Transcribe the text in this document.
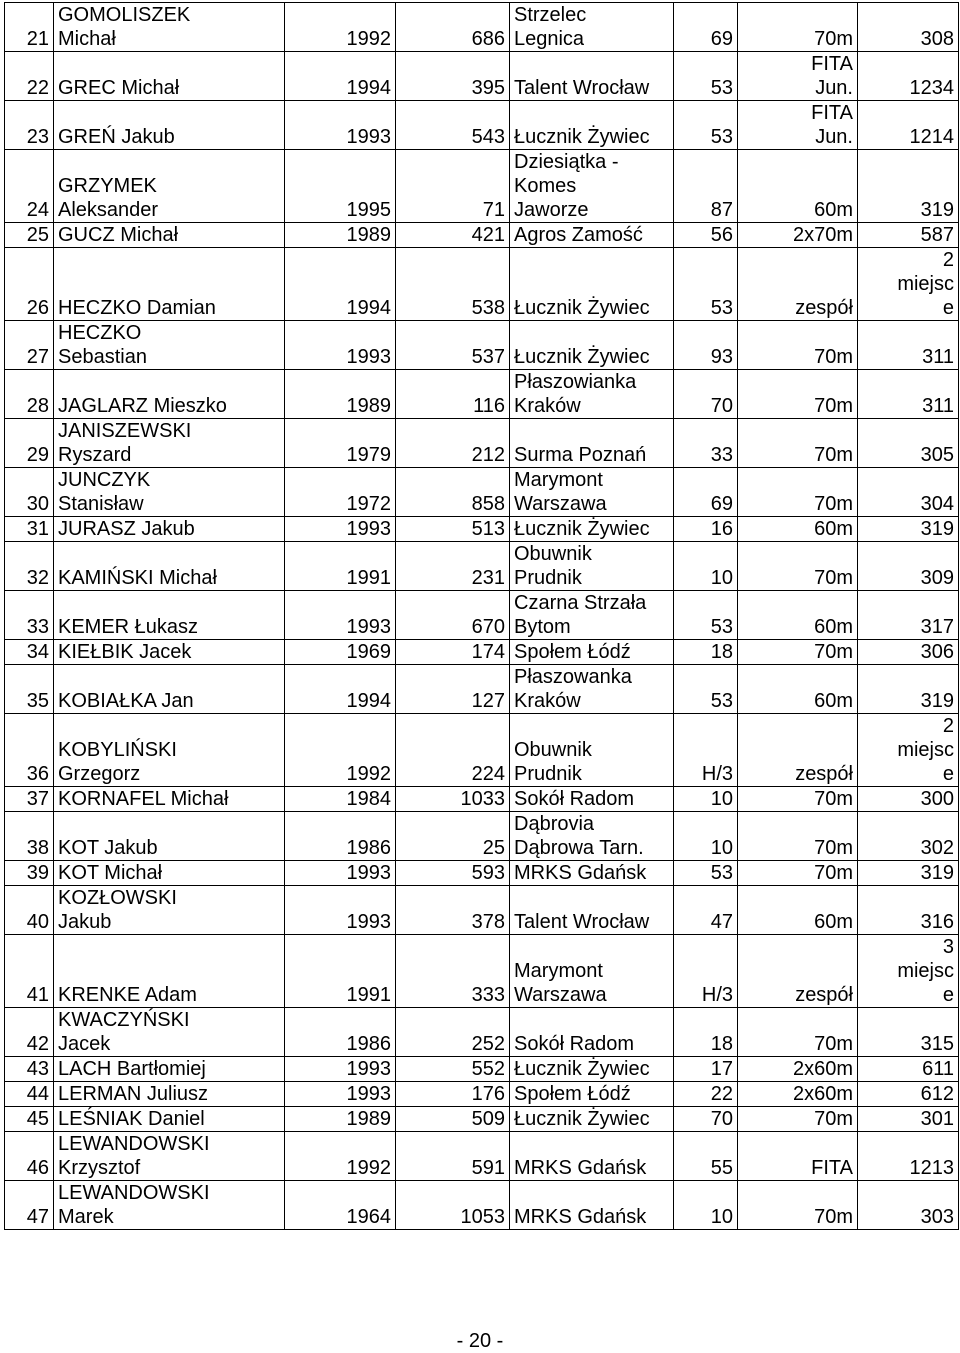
21	GOMOLISZEK
Michał	1992	686	Strzelec
Legnica	69	70m	308

22	GREC Michał	1994	395	Talent Wrocław	53	FITA
Jun.	1234

23	GREŃ Jakub	1993	543	Łucznik Żywiec	53	FITA
Jun.	1214

24	GRZYMEK
Aleksander	1995	71	Dziesiątka -
Komes
Jaworze	87	60m	319

25	GUCZ Michał	1989	421	Agros Zamość	56	2x70m	587

26	HECZKO Damian	1994	538	Łucznik Żywiec	53	zespół	2
miejsc
e

27	HECZKO
Sebastian	1993	537	Łucznik Żywiec	93	70m	311

28	JAGLARZ Mieszko	1989	116	Płaszowianka
Kraków	70	70m	311

29	JANISZEWSKI
Ryszard	1979	212	Surma Poznań	33	70m	305

30	JUNCZYK
Stanisław	1972	858	Marymont
Warszawa	69	70m	304

31	JURASZ Jakub	1993	513	Łucznik Żywiec	16	60m	319

32	KAMIŃSKI Michał	1991	231	Obuwnik
Prudnik	10	70m	309

33	KEMER Łukasz	1993	670	Czarna Strzała
Bytom	53	60m	317

34	KIEŁBIK Jacek	1969	174	Społem Łódź	18	70m	306

35	KOBIAŁKA Jan	1994	127	Płaszowanka
Kraków	53	60m	319

36	KOBYLIŃSKI
Grzegorz	1992	224	Obuwnik
Prudnik	H/3	zespół	2
miejsc
e

37	KORNAFEL Michał	1984	1033	Sokół Radom	10	70m	300

38	KOT Jakub	1986	25	Dąbrovia
Dąbrowa Tarn.	10	70m	302

39	KOT Michał	1993	593	MRKS Gdańsk	53	70m	319

40	KOZŁOWSKI
Jakub	1993	378	Talent Wrocław	47	60m	316

41	KRENKE Adam	1991	333	Marymont
Warszawa	H/3	zespół	3
miejsc
e

42	KWACZYŃSKI
Jacek	1986	252	Sokół Radom	18	70m	315

43	LACH Bartłomiej	1993	552	Łucznik Żywiec	17	2x60m	611

44	LERMAN Juliusz	1993	176	Społem Łódź	22	2x60m	612

45	LEŚNIAK Daniel	1989	509	Łucznik Żywiec	70	70m	301

46	LEWANDOWSKI
Krzysztof	1992	591	MRKS Gdańsk	55	FITA	1213

47	LEWANDOWSKI
Marek	1964	1053	MRKS Gdańsk	10	70m	303
- 20 -
